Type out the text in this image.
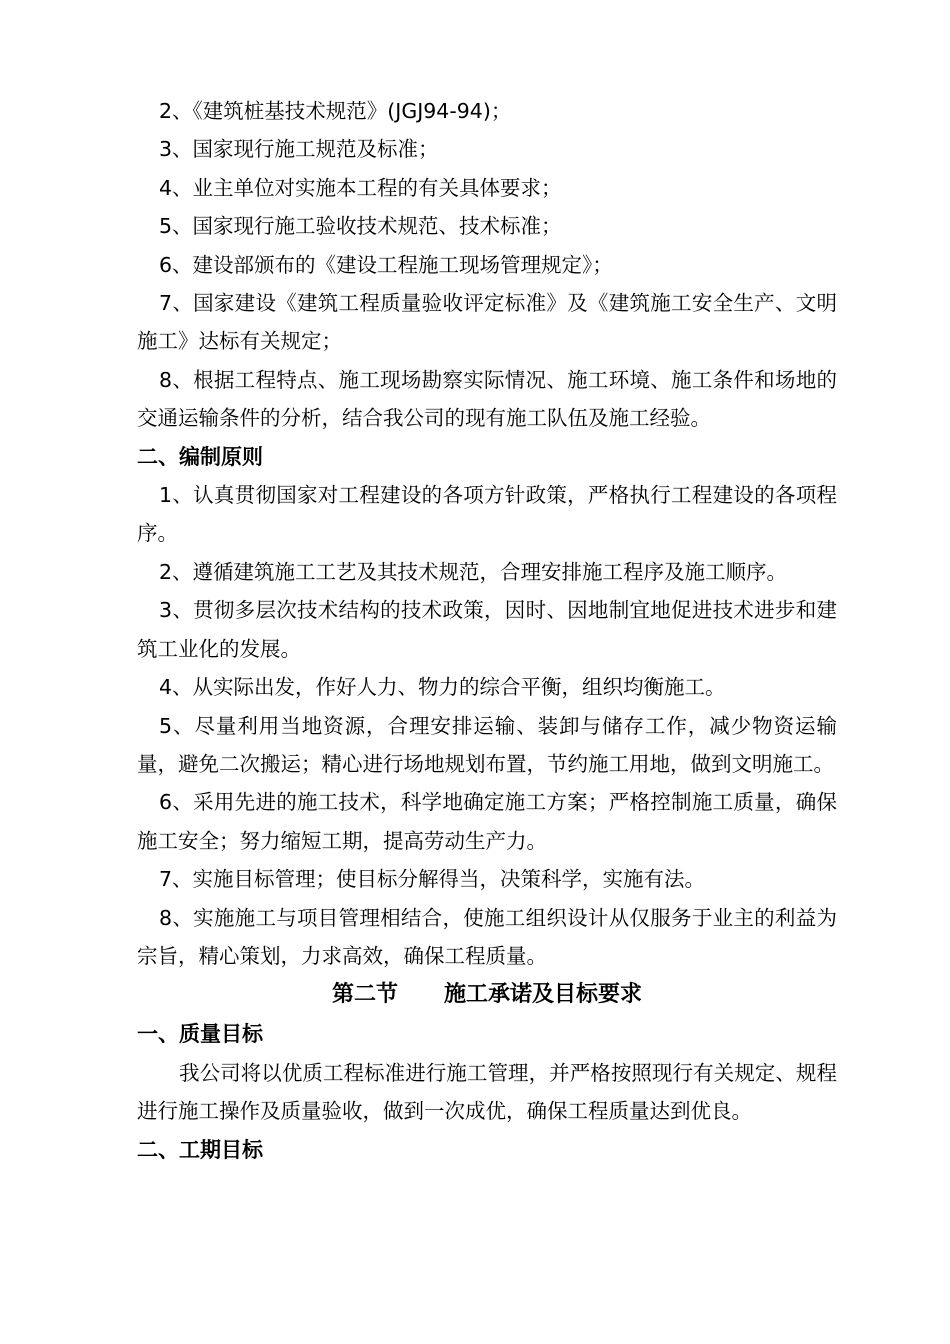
2、《建筑桩基技术规范》(JGJ94-94)；

3、国家现行施工规范及标准；

4、业主单位对实施本工程的有关具体要求；

5、国家现行施工验收技术规范、技术标准；

6、建设部颁布的《建设工程施工现场管理规定》；

7、国家建设《建筑工程质量验收评定标准》及《建筑施工安全生产、文明施工》达标有关规定；

8、根据工程特点、施工现场勘察实际情况、施工环境、施工条件和场地的交通运输条件的分析，结合我公司的现有施工队伍及施工经验。

二、编制原则

1、认真贯彻国家对工程建设的各项方针政策，严格执行工程建设的各项程序。

2、遵循建筑施工工艺及其技术规范，合理安排施工程序及施工顺序。

3、贯彻多层次技术结构的技术政策，因时、因地制宜地促进技术进步和建筑工业化的发展。

4、从实际出发，作好人力、物力的综合平衡，组织均衡施工。

5、尽量利用当地资源，合理安排运输、装卸与储存工作，减少物资运输量，避免二次搬运；精心进行场地规划布置，节约施工用地，做到文明施工。

6、采用先进的施工技术，科学地确定施工方案；严格控制施工质量，确保施工安全；努力缩短工期，提高劳动生产力。

7、实施目标管理；使目标分解得当，决策科学，实施有法。

8、实施施工与项目管理相结合，使施工组织设计从仅服务于业主的利益为宗旨，精心策划，力求高效，确保工程质量。

第二节      施工承诺及目标要求
一、质量目标

我公司将以优质工程标准进行施工管理，并严格按照现行有关规定、规程进行施工操作及质量验收，做到一次成优，确保工程质量达到优良。

二、工期目标
